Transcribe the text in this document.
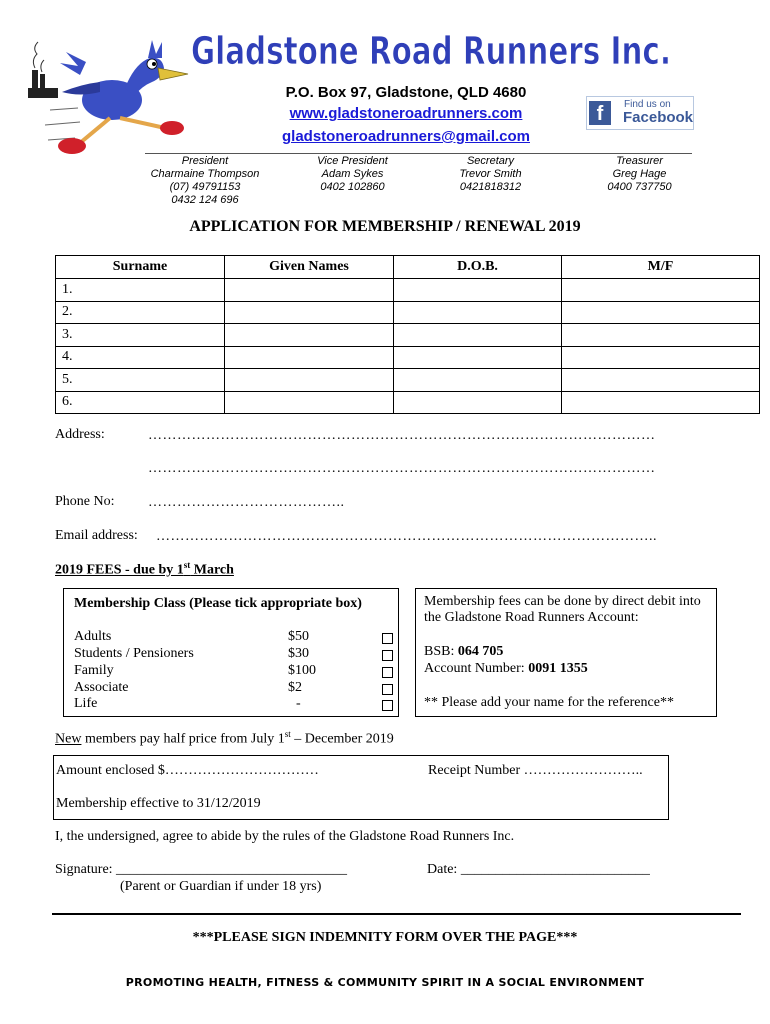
Gladstone Road Runners Inc.
P.O. Box 97, Gladstone, QLD 4680
www.gladstoneroadrunners.com
gladstoneroadrunners@gmail.com
f	Find us on
Facebook
President
Charmaine Thompson
(07) 49791153
0432 124 696
Vice President
Adam Sykes
0402 102860
Secretary
Trevor Smith
0421818312
Treasurer
Greg Hage
0400 737750
APPLICATION FOR MEMBERSHIP / RENEWAL 2019
Surname	Given Names	D.O.B.	M/F
1.			
2.			
3.			
4.			
5.			
6.			
Address:	……………………………………………………………………………………………
……………………………………………………………………………………………
Phone No: …………………………………..
Email address: …………………………………………………………………………………………..
2019 FEES - due by 1st March
Membership Class (Please tick appropriate box)
Adults	$50
Students / Pensioners	$30
Family	$100
Associate	$2
Life	-
Membership fees can be done by direct debit into the Gladstone Road Runners Account:
BSB: 064 705
Account Number: 0091 1355
** Please add your name for the reference**
New members pay half price from July 1st – December 2019
Amount enclosed $……………………………	Receipt Number ……………………..
Membership effective to 31/12/2019
I, the undersigned, agree to abide by the rules of the Gladstone Road Runners Inc.
Signature: _________________________________
(Parent or Guardian if under 18 yrs)
Date: ___________________________
***PLEASE SIGN INDEMNITY FORM OVER THE PAGE***
PROMOTING HEALTH, FITNESS & COMMUNITY SPIRIT IN A SOCIAL ENVIRONMENT
